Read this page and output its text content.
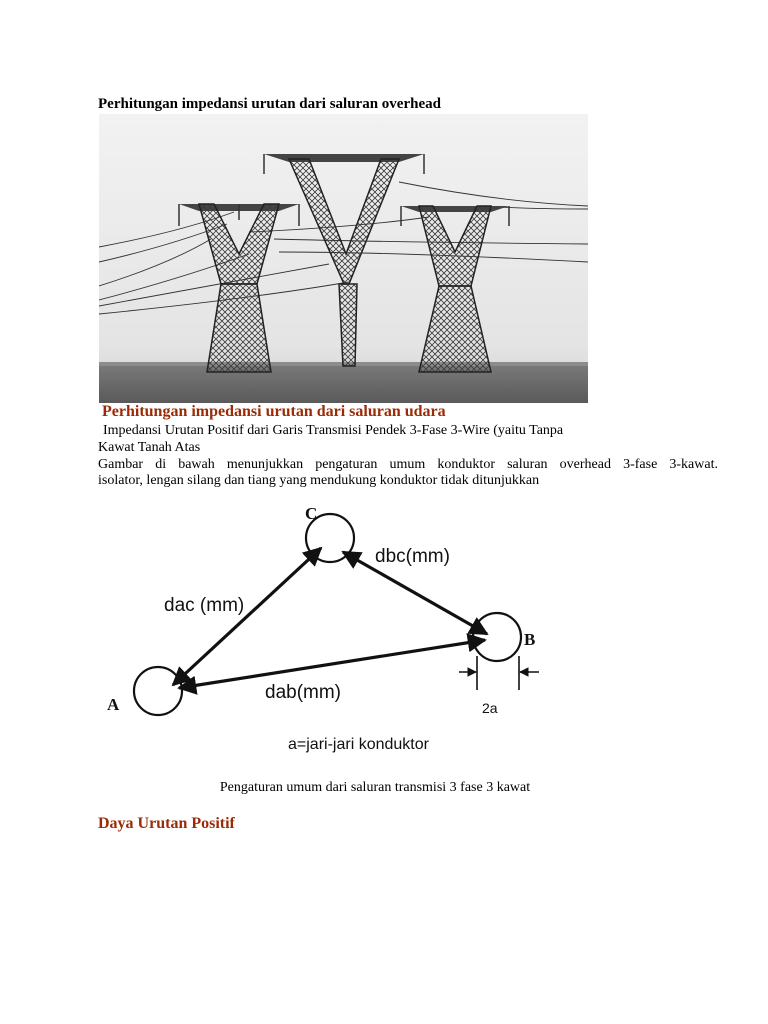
Perhitungan impedansi urutan dari saluran overhead
Perhitungan impedansi urutan dari saluran udara
Impedansi Urutan Positif dari Garis Transmisi Pendek 3-Fase 3-Wire (yaitu Tanpa
Kawat Tanah Atas
Gambar di bawah menunjukkan pengaturan umum konduktor saluran overhead 3-fase 3-kawat.
isolator, lengan silang dan tiang yang mendukung konduktor tidak ditunjukkan
C
B
A
dac (mm)
dbc(mm)
dab(mm)
2a
a=jari-jari konduktor
Pengaturan umum dari saluran transmisi 3 fase 3 kawat
Daya Urutan Positif
